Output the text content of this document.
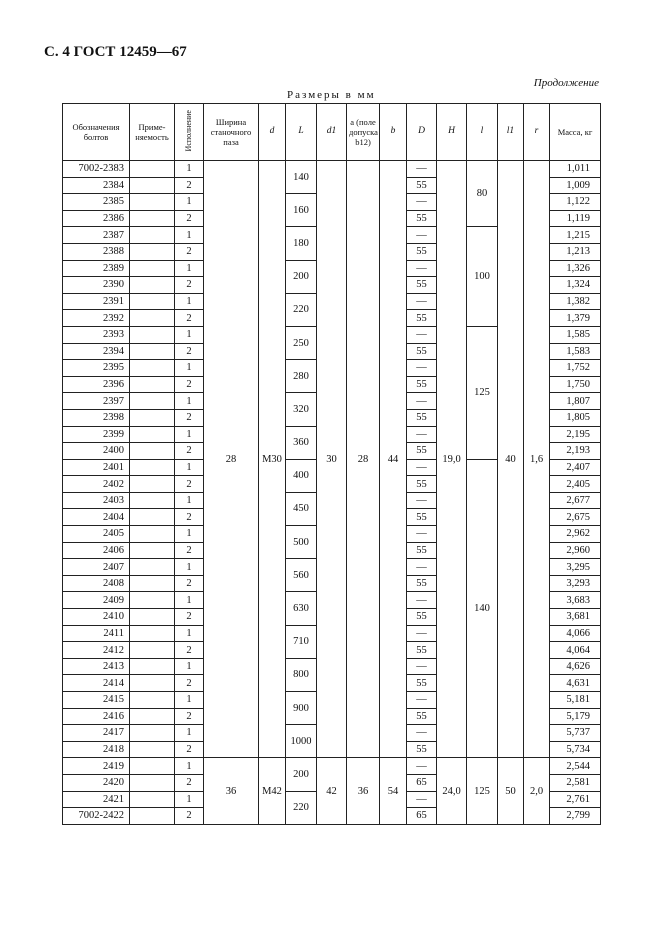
С. 4 ГОСТ 12459—67
Продолжение
Размеры в мм
Обозначения болтов	Применяемость	Исполнение	Ширина станочного паза	d	L	d1	a (поле допуска b12)	b	D	H	l	l1	r	Масса, кг
7002-2383		1	28	М30	140	30	28	44	—	19,0	80	40	1,6	1,011
2384		2							55					1,009
2385		1			160				—					1,122
2386		2							55					1,119
2387		1			180				—		100			1,215
2388		2							55					1,213
2389		1			200				—					1,326
2390		2							55					1,324
2391		1			220				—					1,382
2392		2							55					1,379
2393		1			250				—		125			1,585
2394		2							55					1,583
2395		1			280				—					1,752
2396		2							55					1,750
2397		1			320				—					1,807
2398		2							55					1,805
2399		1			360				—					2,195
2400		2							55					2,193
2401		1			400				—		140			2,407
2402		2							55					2,405
2403		1			450				—					2,677
2404		2							55					2,675
2405		1			500				—					2,962
2406		2							55					2,960
2407		1			560				—					3,295
2408		2							55					3,293
2409		1			630				—					3,683
2410		2							55					3,681
2411		1			710				—					4,066
2412		2							55					4,064
2413		1			800				—					4,626
2414		2							55					4,631
2415		1			900				—					5,181
2416		2							55					5,179
2417		1			1000				—					5,737
2418		2							55					5,734
2419		1	36	М42	200	42	36	54	—	24,0	125	50	2,0	2,544
2420		2							65					2,581
2421		1			220				—					2,761
7002-2422		2							65					2,799
